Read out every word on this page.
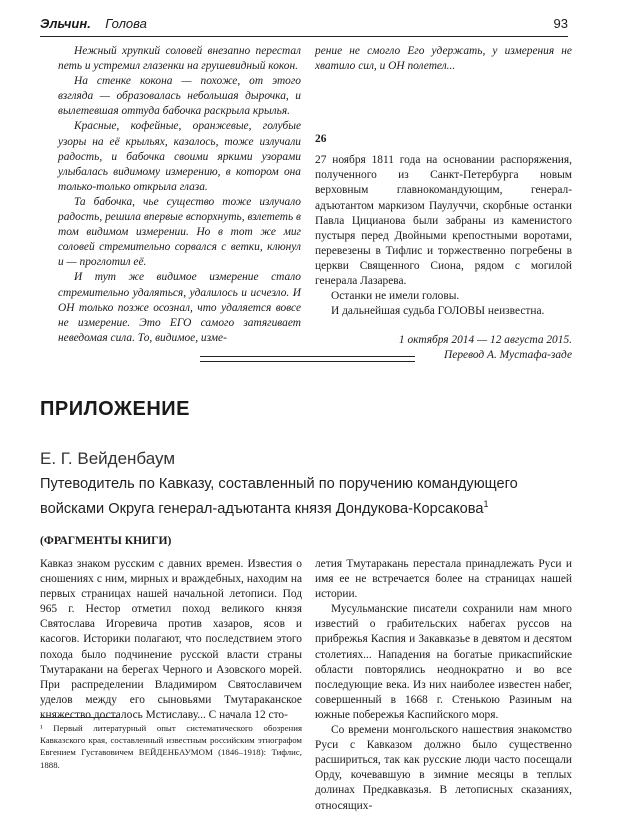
Эльчин. Голова	93

Нежный хрупкий соловей внезапно перестал петь и устремил глазенки на грушевидный кокон.

На стенке кокона — похоже, от этого взгляда — образовалась небольшая дырочка, и вылетевшая оттуда бабочка раскрыла крылья.

Красные, кофейные, оранжевые, голубые узоры на её крыльях, казалось, тоже излучали радость, и бабочка своими яркими узорами улыбалась видимому измерению, в котором она только-только открыла глаза.

Та бабочка, чье существо тоже излучало радость, решила впервые вспорхнуть, взлететь в том видимом измерении. Но в тот же миг соловей стремительно сорвался с ветки, клюнул и — проглотил её.

И тут же видимое измерение стало стремительно удаляться, удалилось и исчезло. И ОН только позже осознал, что удаляется вовсе не измерение. Это ЕГО самого затягивает неведомая сила. То, видимое, изме-

рение не смогло Его удержать, у измерения не хватило сил, и ОН полетел...

26

27 ноября 1811 года на основании распоряжения, полученного из Санкт-Петербурга новым верховным главнокомандующим, генерал-адъютантом маркизом Паулуччи, скорбные останки Павла Цицианова были забраны из каменистого пустыря перед Двойными крепостными воротами, перевезены в Тифлис и торжественно погребены в церкви Священного Сиона, рядом с могилой генерала Лазарева.

Останки не имели головы.

И дальнейшая судьба ГОЛОВЫ неизвестна.

1 октября 2014 — 12 августа 2015.

Перевод А. Мустафа-заде

ПРИЛОЖЕНИЕ
Е. Г. Вейденбаум
Путеводитель по Кавказу, составленный по поручению командующего войсками Округа генерал-адъютанта князя Дондукова-Корсакова$^1$
(ФРАГМЕНТЫ КНИГИ)

Кавказ знаком русским с давних времен. Известия о сношениях с ним, мирных и враждебных, находим на первых страницах нашей начальной летописи. Под 965 г. Нестор отметил поход великого князя Святослава Игоревича против хазаров, ясов и касогов. Историки полагают, что последствием этого похода было подчинение русской власти страны Тмутаракани на берегах Черного и Азовского морей. При распределении Владимиром Святославичем уделов между его сыновьями Тмутараканское княжество досталось Мстиславу... С начала 12 сто-

летия Тмутаракань перестала принадлежать Руси и имя ее не встречается более на страницах нашей истории.

Мусульманские писатели сохранили нам много известий о грабительских набегах руссов на прибрежья Каспия и Закавказье в девятом и десятом столетиях... Нападения на богатые прикаспийские области повторялись неоднократно и во все последующие века. Из них наиболее известен набег, совершенный в 1668 г. Стенькою Разиным на южные побережья Каспийского моря.

Со времени монгольского нашествия знакомство Руси с Кавказом должно было существенно расшириться, так как русские люди часто посещали Орду, кочевавшую в зимние месяцы в теплых долинах Предкавказья. В летописных сказаниях, относящих-

¹ Первый литературный опыт систематического обозрения Кавказского края, составленный известным российским этнографом Евгением Густавовичем ВЕЙДЕНБАУМОМ (1846–1918): Тифлис, 1888.
